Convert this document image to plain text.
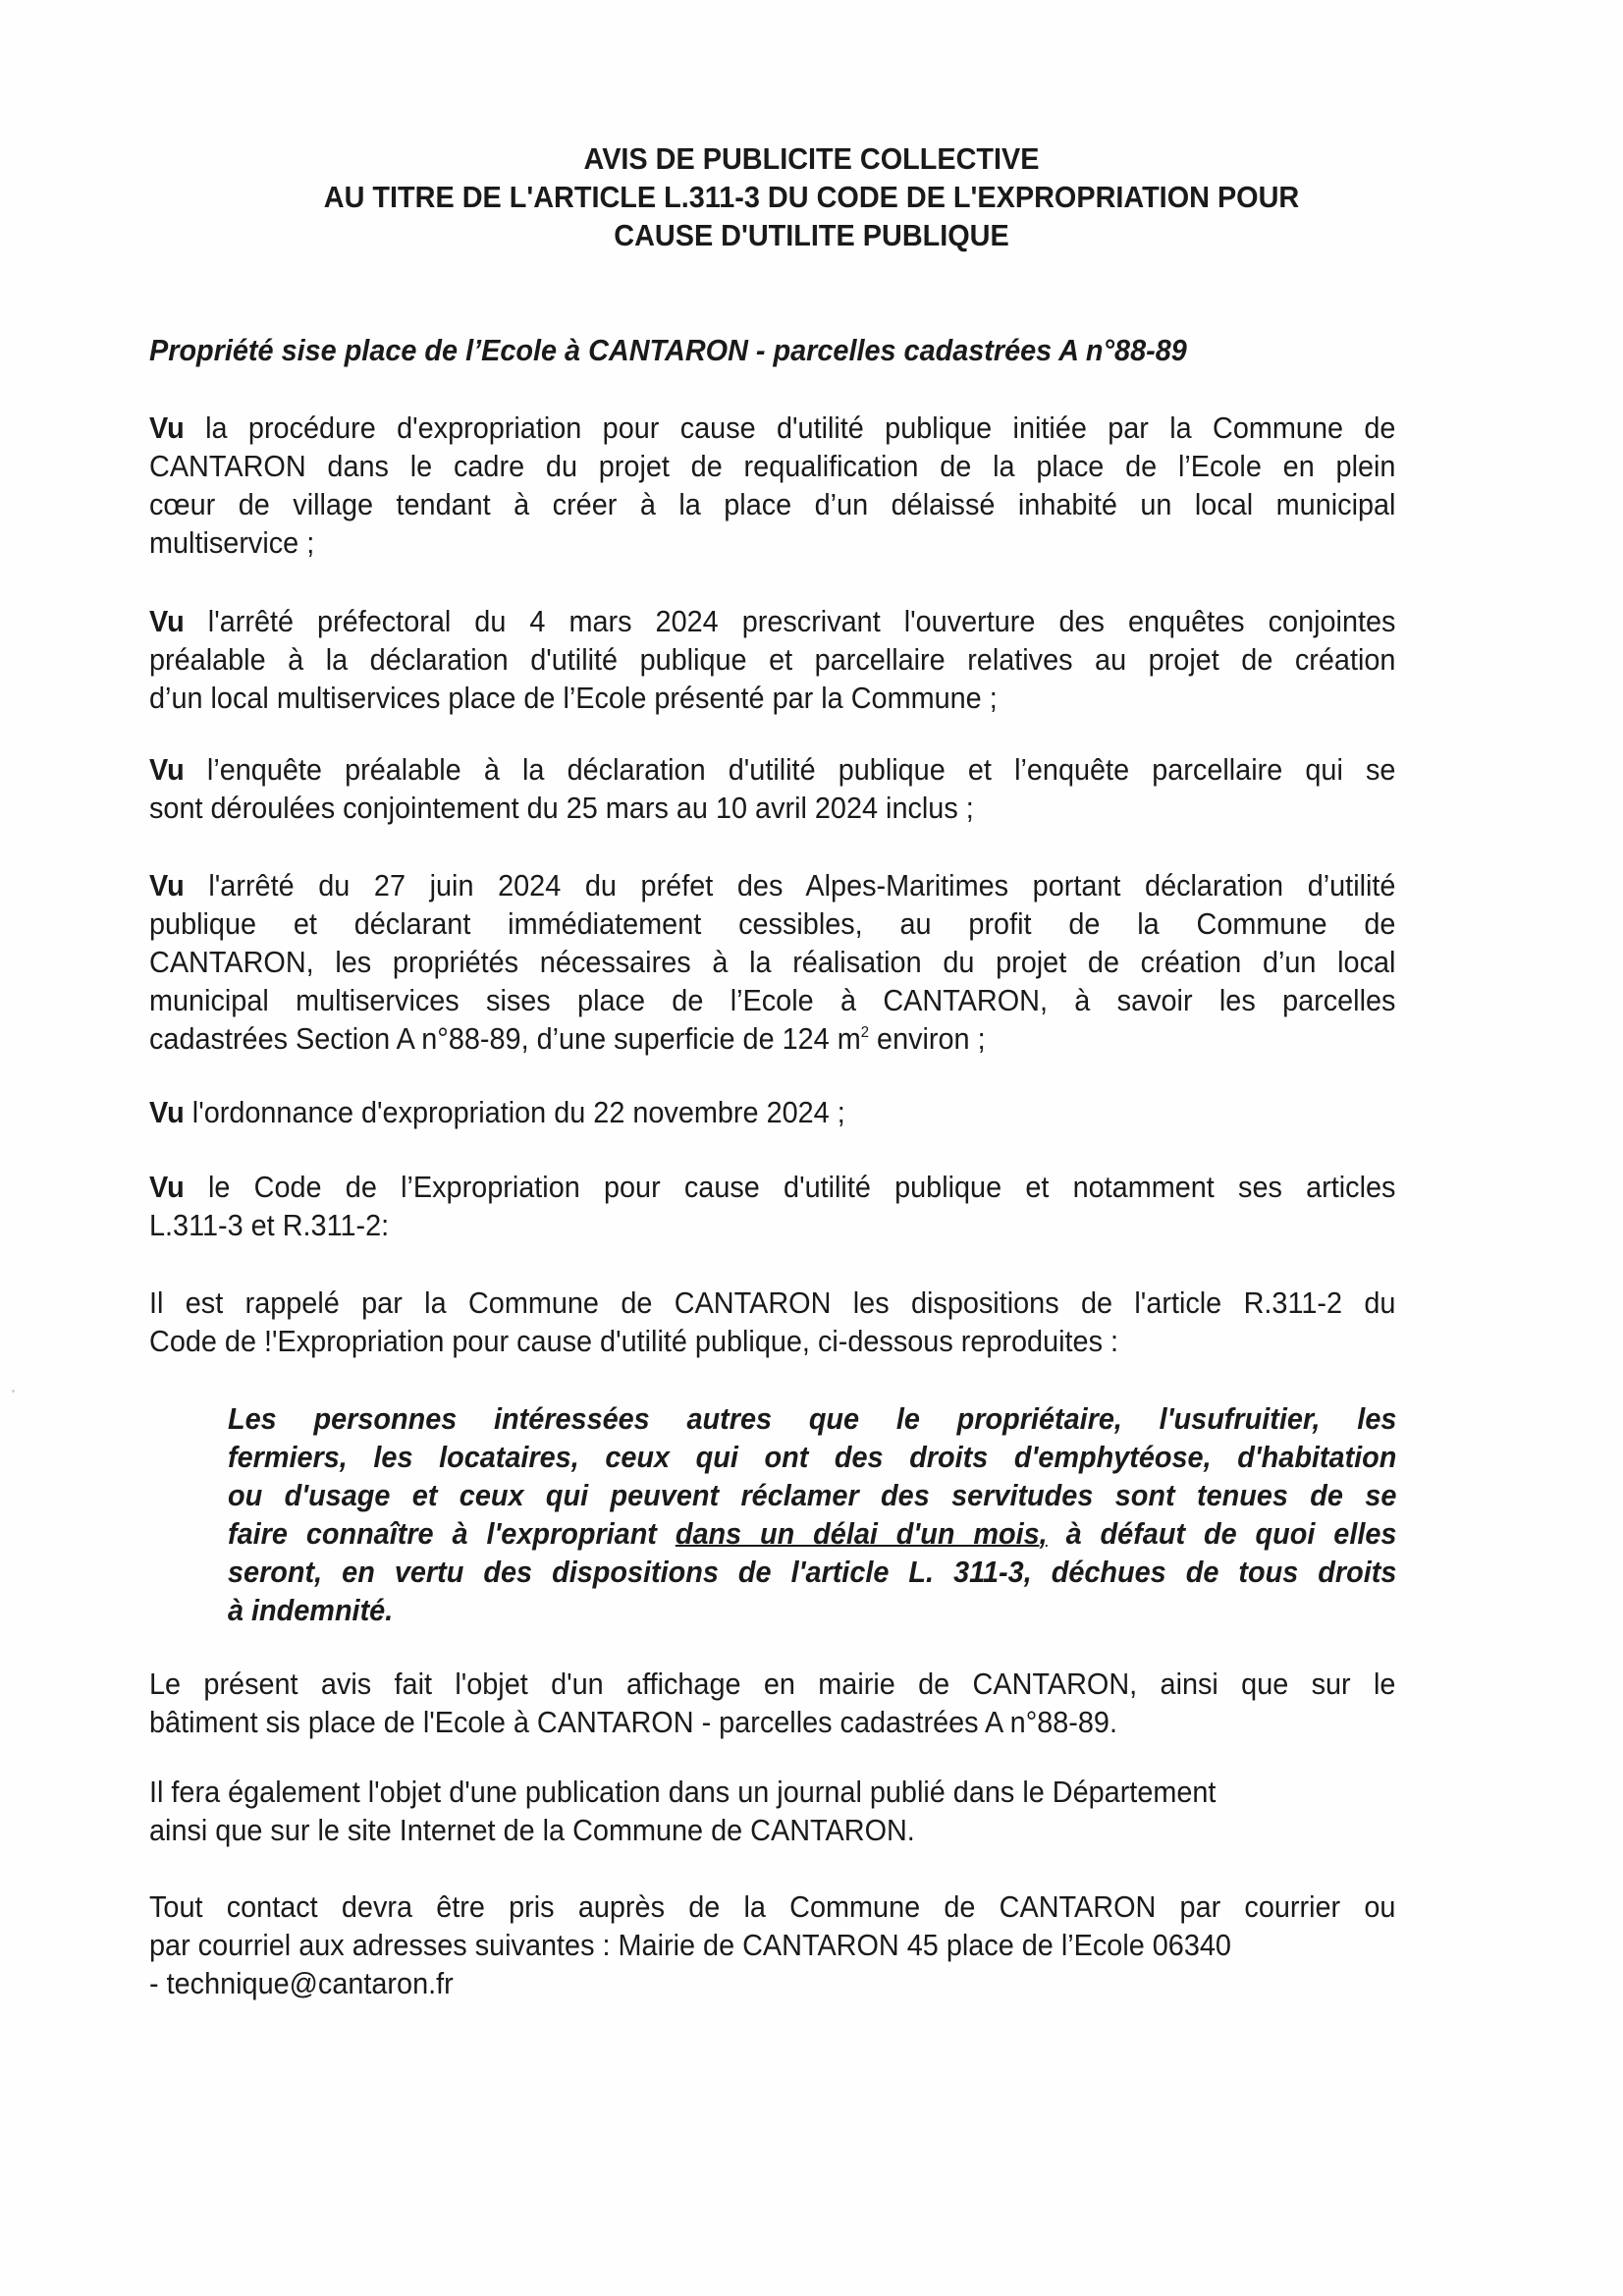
AVIS DE PUBLICITE COLLECTIVE
AU TITRE DE L'ARTICLE L.311-3 DU CODE DE L'EXPROPRIATION POUR
CAUSE D'UTILITE PUBLIQUE
Propriété sise place de l’Ecole à CANTARON - parcelles cadastrées A n°88-89
Vu la procédure d'expropriation pour cause d'utilité publique initiée par la Commune de
CANTARON dans le cadre du projet de requalification de la place de l’Ecole en plein
cœur de village tendant à créer à la place d’un délaissé inhabité un local municipal
multiservice ;
Vu l'arrêté préfectoral du 4 mars 2024 prescrivant l'ouverture des enquêtes conjointes
préalable à la déclaration d'utilité publique et parcellaire relatives au projet de création
d’un local multiservices place de l’Ecole présenté par la Commune ;
Vu l’enquête préalable à la déclaration d'utilité publique et l’enquête parcellaire qui se
sont déroulées conjointement du 25 mars au 10 avril 2024 inclus ;
Vu l'arrêté du 27 juin 2024 du préfet des Alpes-Maritimes portant déclaration d’utilité
publique et déclarant immédiatement cessibles, au profit de la Commune de
CANTARON, les propriétés nécessaires à la réalisation du projet de création d’un local
municipal multiservices sises place de l’Ecole à CANTARON, à savoir les parcelles
cadastrées Section A n°88-89, d’une superficie de 124 $m^2$ environ ;
Vu l'ordonnance d'expropriation du 22 novembre 2024 ;
Vu le Code de l’Expropriation pour cause d'utilité publique et notamment ses articles
L.311-3 et R.311-2:
Il est rappelé par la Commune de CANTARON les dispositions de l'article R.311-2 du
Code de !'Expropriation pour cause d'utilité publique, ci-dessous reproduites :
Les personnes intéressées autres que le propriétaire, l'usufruitier, les
fermiers, les locataires, ceux qui ont des droits d'emphytéose, d'habitation
ou d'usage et ceux qui peuvent réclamer des servitudes sont tenues de se
faire connaître à l'expropriant dans un délai d'un mois, à défaut de quoi elles
seront, en vertu des dispositions de l'article L. 311-3, déchues de tous droits
à indemnité.
Le présent avis fait l'objet d'un affichage en mairie de CANTARON, ainsi que sur le
bâtiment sis place de l'Ecole à CANTARON - parcelles cadastrées A n°88-89.
Il fera également l'objet d'une publication dans un journal publié dans le Département
ainsi que sur le site Internet de la Commune de CANTARON.
Tout contact devra être pris auprès de la Commune de CANTARON par courrier ou
par courriel aux adresses suivantes : Mairie de CANTARON 45 place de l’Ecole 06340
- technique@cantaron.fr
